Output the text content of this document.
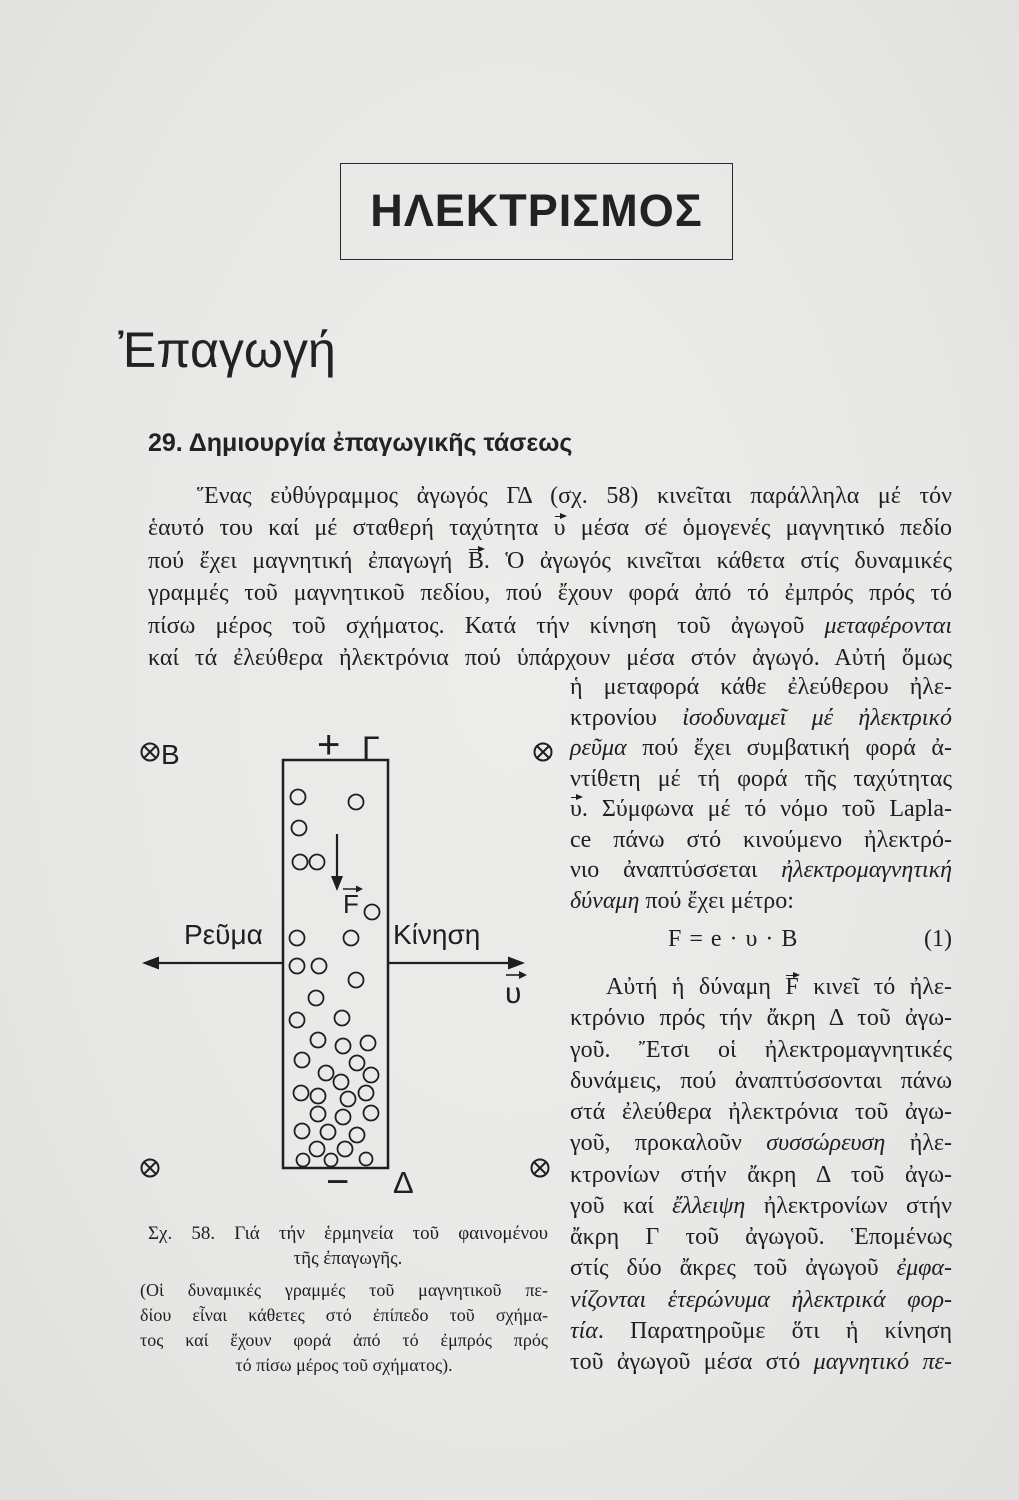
ΗΛΕΚΤΡΙΣΜΟΣ
Ἐπαγωγή
29. Δημιουργία ἐπαγωγικῆς τάσεως
Ἕνας εὐθύγραμμος ἀγωγός ΓΔ (σχ. 58) κινεῖται παράλληλα μέ τόν
ἑαυτό του καί μέ σταθερή ταχύτητα υ μέσα σέ ὁμογενές μαγνητικό πεδίο
πού ἔχει μαγνητική ἐπαγωγή B. Ὁ ἀγωγός κινεῖται κάθετα στίς δυναμικές
γραμμές τοῦ μαγνητικοῦ πεδίου, πού ἔχουν φορά ἀπό τό ἐμπρός πρός τό
πίσω μέρος τοῦ σχήματος. Κατά τήν κίνηση τοῦ ἀγωγοῦ μεταφέρονται
καί τά ἐλεύθερα ἠλεκτρόνια πού ὑπάρχουν μέσα στόν ἀγωγό. Αὐτή ὅμως
ἡ μεταφορά κάθε ἐλεύθερου ἠλε-
κτρονίου ἰσοδυναμεῖ μέ ἠλεκτρικό
ρεῦμα πού ἔχει συμβατική φορά ἀ-
ντίθετη μέ τή φορά τῆς ταχύτητας
υ. Σύμφωνα μέ τό νόμο τοῦ Lapla-
ce πάνω στό κινούμενο ἠλεκτρό-
νιο ἀναπτύσσεται ἠλεκτρομαγνητική
δύναμη πού ἔχει μέτρο:
F = e · υ · B	(1)
Αὐτή ἡ δύναμη F κινεῖ τό ἠλε-
κτρόνιο πρός τήν ἄκρη Δ τοῦ ἀγω-
γοῦ. Ἔτσι οἱ ἠλεκτρομαγνητικές
δυνάμεις, πού ἀναπτύσσονται πάνω
στά ἐλεύθερα ἠλεκτρόνια τοῦ ἀγω-
γοῦ, προκαλοῦν συσσώρευση ἠλε-
κτρονίων στήν ἄκρη Δ τοῦ ἀγω-
γοῦ καί ἔλλειψη ἠλεκτρονίων στήν
ἄκρη Γ τοῦ ἀγωγοῦ. Ἑπομένως
στίς δύο ἄκρες τοῦ ἀγωγοῦ ἐμφα-
νίζονται ἑτερώνυμα ἠλεκτρικά φορ-
τία. Παρατηροῦμε ὅτι ἡ κίνηση
τοῦ ἀγωγοῦ μέσα στό μαγνητικό πε-
B	+ Γ
F
Ρεῦμα	Κίνηση
υ
− Δ
Σχ. 58. Γιά τήν ἑρμηνεία τοῦ φαινομένου
τῆς ἐπαγωγῆς.
(Οἱ δυναμικές γραμμές τοῦ μαγνητικοῦ πε-
δίου εἶναι κάθετες στό ἐπίπεδο τοῦ σχήμα-
τος καί ἔχουν φορά ἀπό τό ἐμπρός πρός
τό πίσω μέρος τοῦ σχήματος).
